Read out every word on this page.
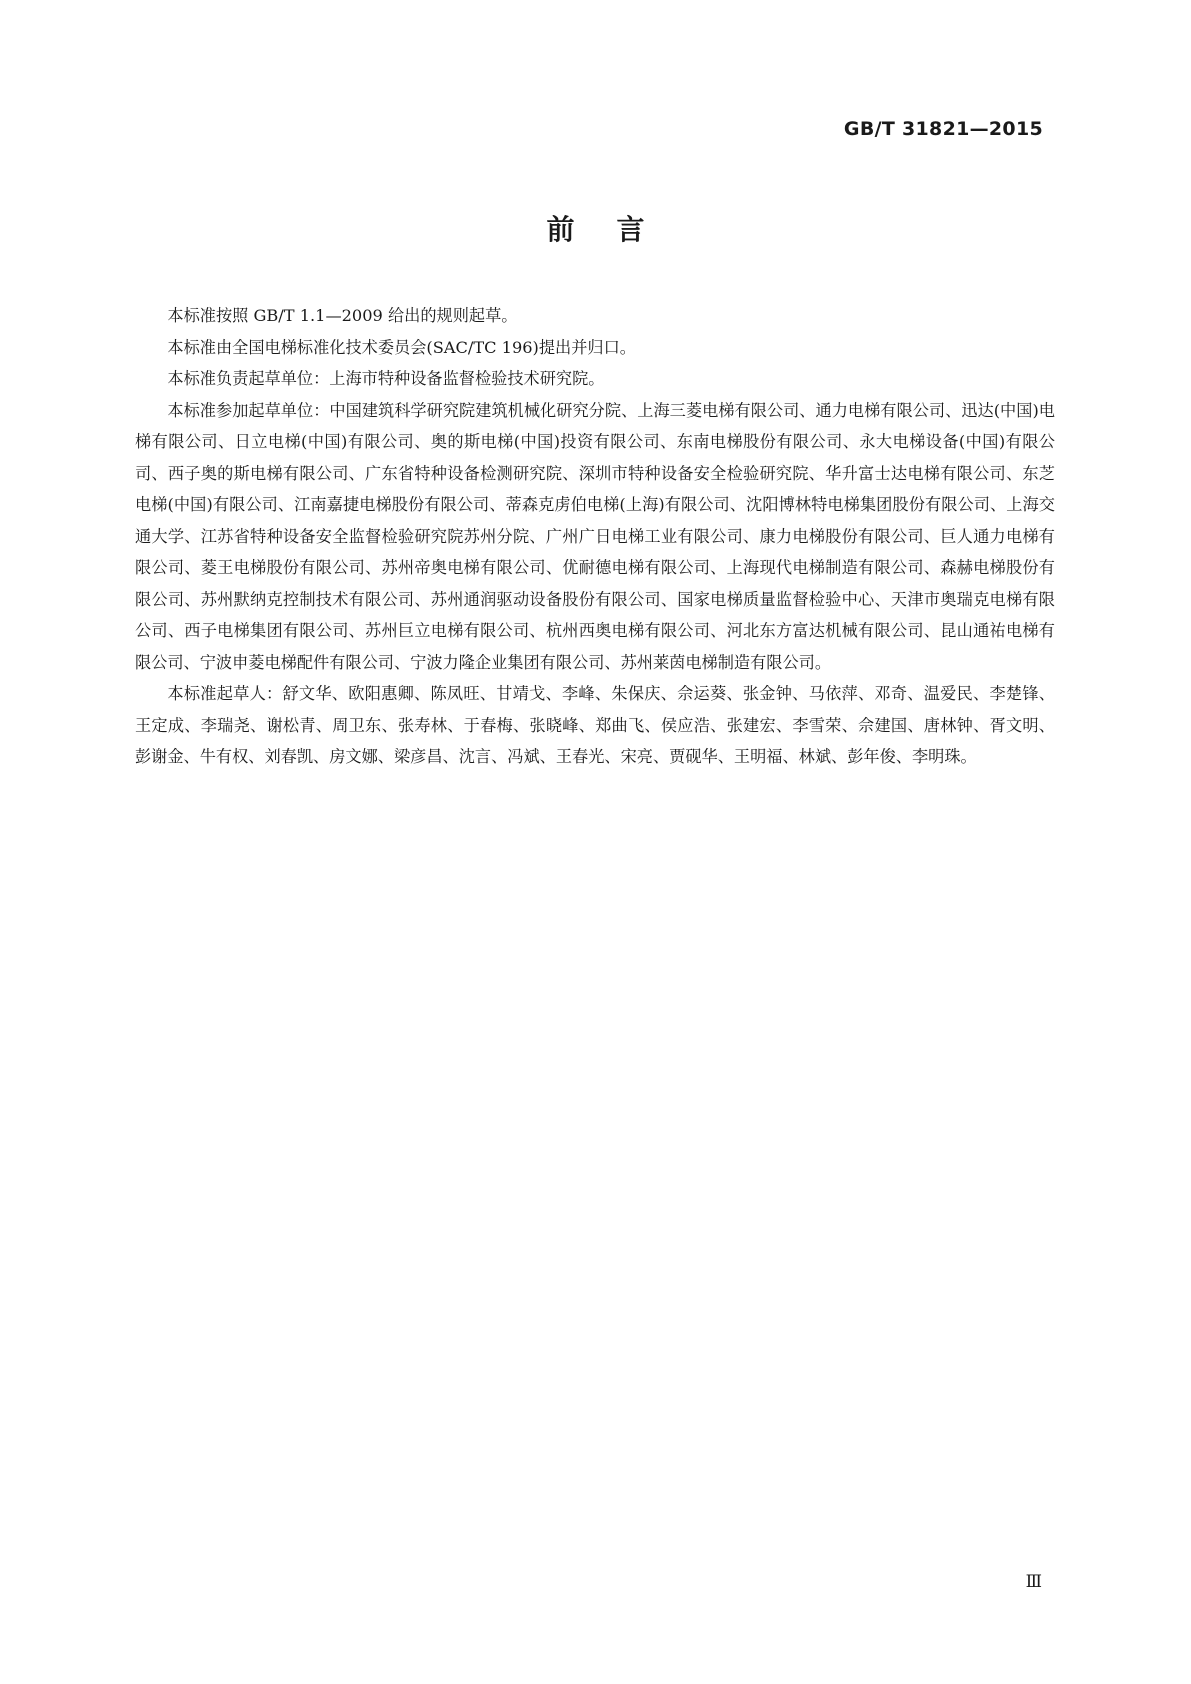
GB/T 31821—2015
前言

本标准按照 GB/T 1.1—2009 给出的规则起草。

本标准由全国电梯标准化技术委员会(SAC/TC 196)提出并归口。

本标准负责起草单位：上海市特种设备监督检验技术研究院。

本标准参加起草单位：中国建筑科学研究院建筑机械化研究分院、上海三菱电梯有限公司、通力电梯有限公司、迅达(中国)电梯有限公司、日立电梯(中国)有限公司、奥的斯电梯(中国)投资有限公司、东南电梯股份有限公司、永大电梯设备(中国)有限公司、西子奥的斯电梯有限公司、广东省特种设备检测研究院、深圳市特种设备安全检验研究院、华升富士达电梯有限公司、东芝电梯(中国)有限公司、江南嘉捷电梯股份有限公司、蒂森克虏伯电梯(上海)有限公司、沈阳博林特电梯集团股份有限公司、上海交通大学、江苏省特种设备安全监督检验研究院苏州分院、广州广日电梯工业有限公司、康力电梯股份有限公司、巨人通力电梯有限公司、菱王电梯股份有限公司、苏州帝奥电梯有限公司、优耐德电梯有限公司、上海现代电梯制造有限公司、森赫电梯股份有限公司、苏州默纳克控制技术有限公司、苏州通润驱动设备股份有限公司、国家电梯质量监督检验中心、天津市奥瑞克电梯有限公司、西子电梯集团有限公司、苏州巨立电梯有限公司、杭州西奥电梯有限公司、河北东方富达机械有限公司、昆山通祐电梯有限公司、宁波申菱电梯配件有限公司、宁波力隆企业集团有限公司、苏州莱茵电梯制造有限公司。

本标准起草人：舒文华、欧阳惠卿、陈凤旺、甘靖戈、李峰、朱保庆、佘运葵、张金钟、马依萍、邓奇、温爱民、李楚锋、王定成、李瑞尧、谢松青、周卫东、张寿林、于春梅、张晓峰、郑曲飞、侯应浩、张建宏、李雪荣、佘建国、唐林钟、胥文明、彭谢金、牛有权、刘春凯、房文娜、梁彦昌、沈言、冯斌、王春光、宋亮、贾砚华、王明福、林斌、彭年俊、李明珠。

Ⅲ
